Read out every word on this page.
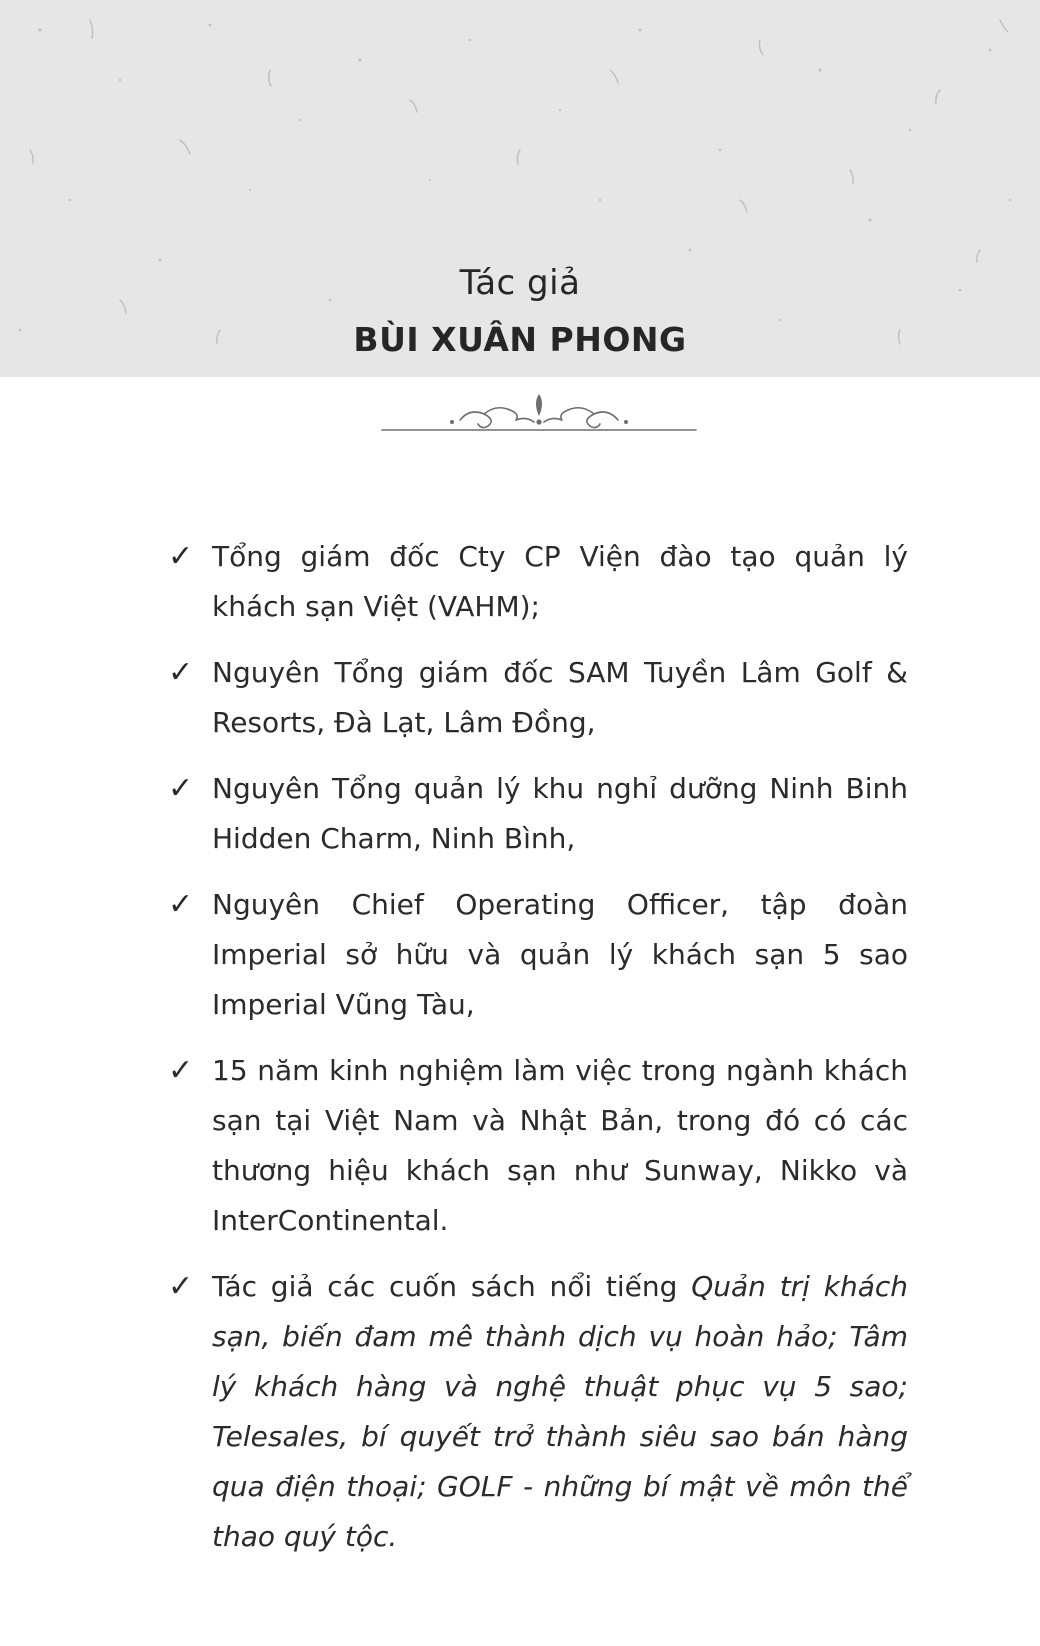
Tác giả
BÙI XUÂN PHONG
✓ Tổng giám đốc Cty CP Viện đào tạo quản lý khách sạn Việt (VAHM);
✓ Nguyên Tổng giám đốc SAM Tuyền Lâm Golf & Resorts, Đà Lạt, Lâm Đồng,
✓ Nguyên Tổng quản lý khu nghỉ dưỡng Ninh Binh Hidden Charm, Ninh Bình,
✓ Nguyên Chief Operating Officer, tập đoàn Imperial sở hữu và quản lý khách sạn 5 sao Imperial Vũng Tàu,
✓ 15 năm kinh nghiệm làm việc trong ngành khách sạn tại Việt Nam và Nhật Bản, trong đó có các thương hiệu khách sạn như Sunway, Nikko và InterContinental.
✓ Tác giả các cuốn sách nổi tiếng Quản trị khách sạn, biến đam mê thành dịch vụ hoàn hảo; Tâm lý khách hàng và nghệ thuật phục vụ 5 sao; Telesales, bí quyết trở thành siêu sao bán hàng qua điện thoại; GOLF - những bí mật về môn thể thao quý tộc.
